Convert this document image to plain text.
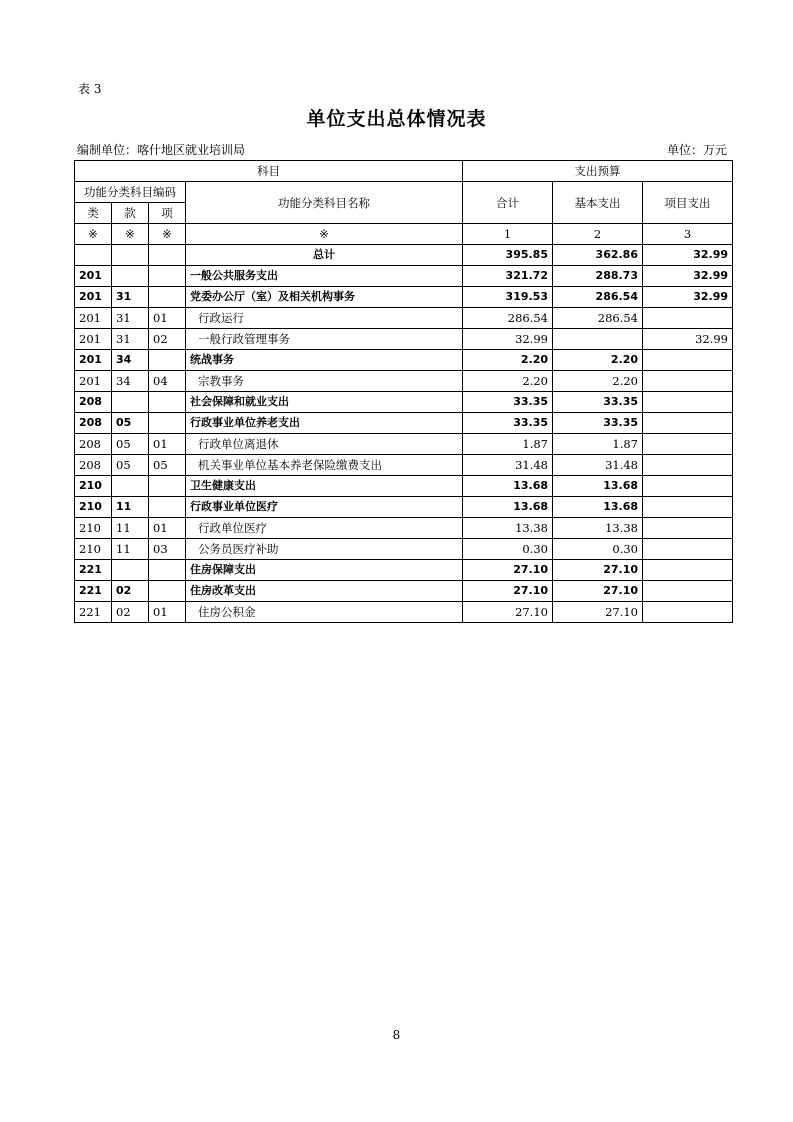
表 3
单位支出总体情况表
编制单位：喀什地区就业培训局	单位：万元
科目				支出预算		
功能分类科目编码			功能分类科目名称	合计	基本支出	项目支出
类	款	项				
※	※	※	※	1	2	3
			总计	395.85	362.86	32.99
201			一般公共服务支出	321.72	288.73	32.99
201	31		党委办公厅（室）及相关机构事务	319.53	286.54	32.99
201	31	01	行政运行	286.54	286.54	
201	31	02	一般行政管理事务	32.99		32.99
201	34		统战事务	2.20	2.20	
201	34	04	宗教事务	2.20	2.20	
208			社会保障和就业支出	33.35	33.35	
208	05		行政事业单位养老支出	33.35	33.35	
208	05	01	行政单位离退休	1.87	1.87	
208	05	05	机关事业单位基本养老保险缴费支出	31.48	31.48	
210			卫生健康支出	13.68	13.68	
210	11		行政事业单位医疗	13.68	13.68	
210	11	01	行政单位医疗	13.38	13.38	
210	11	03	公务员医疗补助	0.30	0.30	
221			住房保障支出	27.10	27.10	
221	02		住房改革支出	27.10	27.10	
221	02	01	住房公积金	27.10	27.10	
8
